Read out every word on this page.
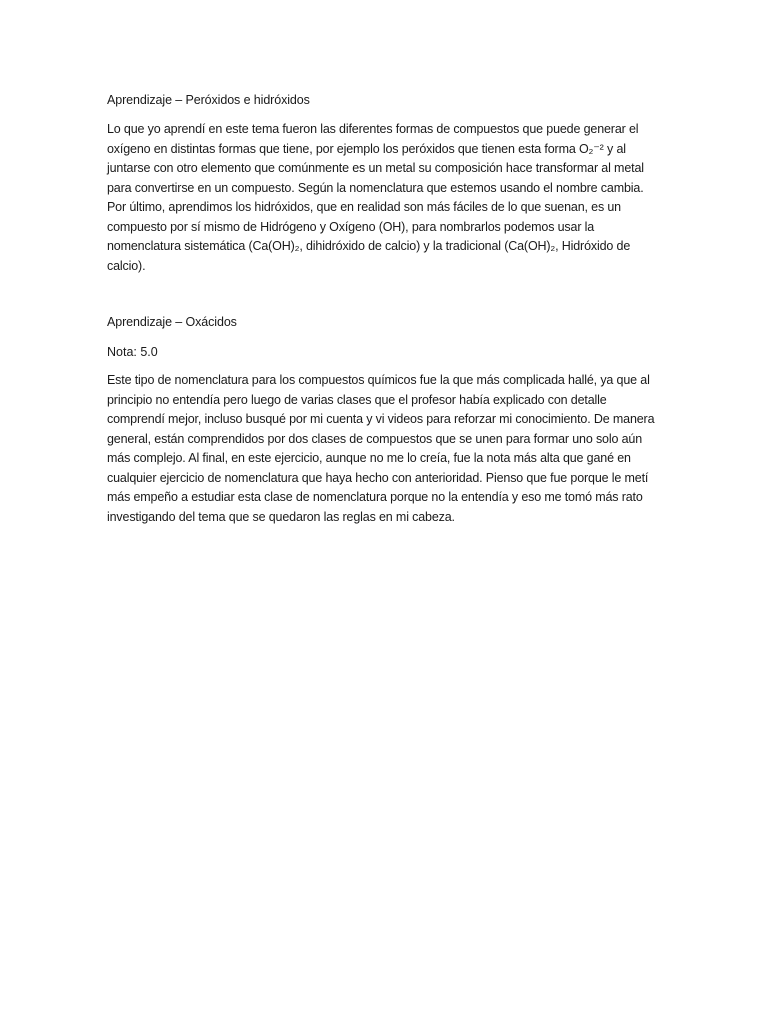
Aprendizaje – Peróxidos e hidróxidos

Lo que yo aprendí en este tema fueron las diferentes formas de compuestos que puede generar el oxígeno en distintas formas que tiene, por ejemplo los peróxidos que tienen esta forma O₂⁻² y al juntarse con otro elemento que comúnmente es un metal su composición hace transformar al metal para convertirse en un compuesto. Según la nomenclatura que estemos usando el nombre cambia. Por último, aprendimos los hidróxidos, que en realidad son más fáciles de lo que suenan, es un compuesto por sí mismo de Hidrógeno y Oxígeno (OH), para nombrarlos podemos usar la nomenclatura sistemática (Ca(OH)₂, dihidróxido de calcio) y la tradicional (Ca(OH)₂, Hidróxido de calcio).

Aprendizaje – Oxácidos

Nota: 5.0

Este tipo de nomenclatura para los compuestos químicos fue la que más complicada hallé, ya que al principio no entendía pero luego de varias clases que el profesor había explicado con detalle comprendí mejor, incluso busqué por mi cuenta y vi videos para reforzar mi conocimiento. De manera general, están comprendidos por dos clases de compuestos que se unen para formar uno solo aún más complejo. Al final, en este ejercicio, aunque no me lo creía, fue la nota más alta que gané en cualquier ejercicio de nomenclatura que haya hecho con anterioridad. Pienso que fue porque le metí más empeño a estudiar esta clase de nomenclatura porque no la entendía y eso me tomó más rato investigando del tema que se quedaron las reglas en mi cabeza.
